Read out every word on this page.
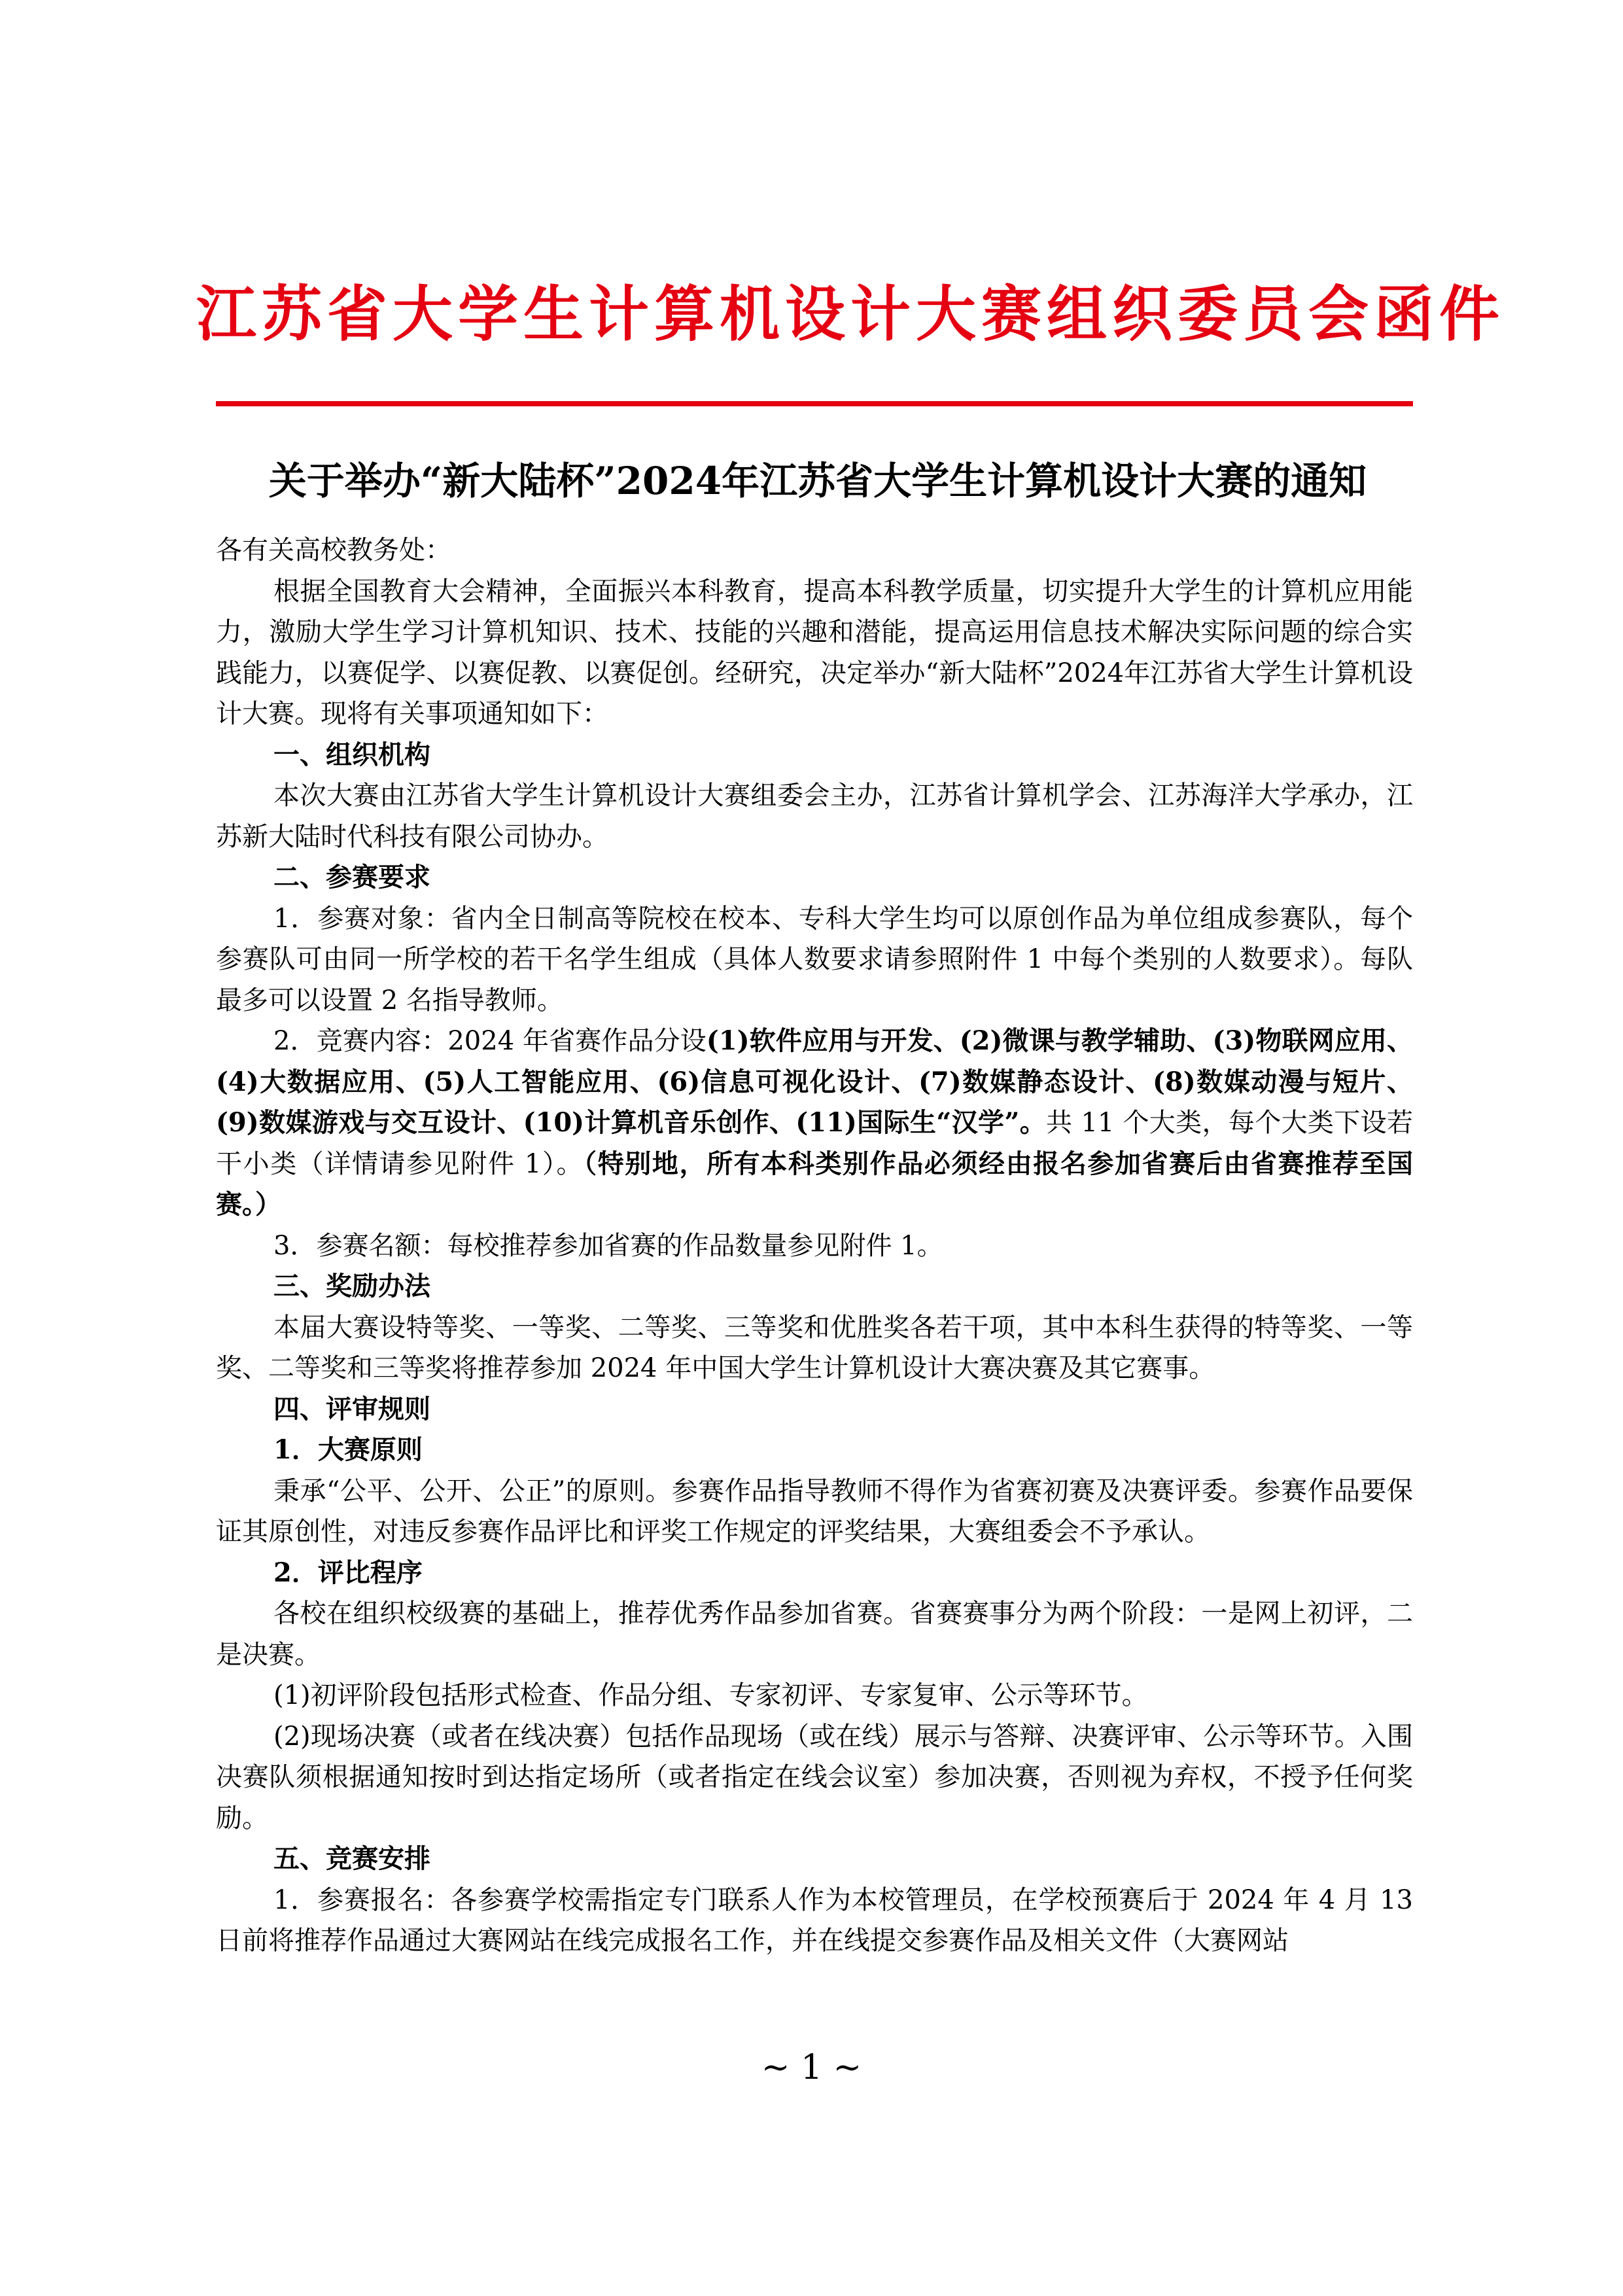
江苏省大学生计算机设计大赛组织委员会函件
关于举办“新大陆杯”2024年江苏省大学生计算机设计大赛的通知

各有关高校教务处：

根据全国教育大会精神，全面振兴本科教育，提高本科教学质量，切实提升大学生的计算机应用能力，激励大学生学习计算机知识、技术、技能的兴趣和潜能，提高运用信息技术解决实际问题的综合实践能力，以赛促学、以赛促教、以赛促创。经研究，决定举办“新大陆杯”2024年江苏省大学生计算机设计大赛。现将有关事项通知如下：

一、组织机构

本次大赛由江苏省大学生计算机设计大赛组委会主办，江苏省计算机学会、江苏海洋大学承办，江苏新大陆时代科技有限公司协办。

二、参赛要求

1．参赛对象：省内全日制高等院校在校本、专科大学生均可以原创作品为单位组成参赛队，每个参赛队可由同一所学校的若干名学生组成（具体人数要求请参照附件 1 中每个类别的人数要求）。每队最多可以设置 2 名指导教师。

2．竞赛内容：2024 年省赛作品分设(1)软件应用与开发、(2)微课与教学辅助、(3)物联网应用、(4)大数据应用、(5)人工智能应用、(6)信息可视化设计、(7)数媒静态设计、(8)数媒动漫与短片、(9)数媒游戏与交互设计、(10)计算机音乐创作、(11)国际生“汉学”。共 11 个大类，每个大类下设若干小类（详情请参见附件 1）。（特别地，所有本科类别作品必须经由报名参加省赛后由省赛推荐至国赛。）

3．参赛名额：每校推荐参加省赛的作品数量参见附件 1。

三、奖励办法

本届大赛设特等奖、一等奖、二等奖、三等奖和优胜奖各若干项，其中本科生获得的特等奖、一等奖、二等奖和三等奖将推荐参加 2024 年中国大学生计算机设计大赛决赛及其它赛事。

四、评审规则

1．大赛原则

秉承“公平、公开、公正”的原则。参赛作品指导教师不得作为省赛初赛及决赛评委。参赛作品要保证其原创性，对违反参赛作品评比和评奖工作规定的评奖结果，大赛组委会不予承认。

2．评比程序

各校在组织校级赛的基础上，推荐优秀作品参加省赛。省赛赛事分为两个阶段：一是网上初评，二是决赛。

(1)初评阶段包括形式检查、作品分组、专家初评、专家复审、公示等环节。

(2)现场决赛（或者在线决赛）包括作品现场（或在线）展示与答辩、决赛评审、公示等环节。入围决赛队须根据通知按时到达指定场所（或者指定在线会议室）参加决赛，否则视为弃权，不授予任何奖励。

五、竞赛安排

1．参赛报名：各参赛学校需指定专门联系人作为本校管理员，在学校预赛后于 2024 年 4 月 13 日前将推荐作品通过大赛网站在线完成报名工作，并在线提交参赛作品及相关文件（大赛网站

~ 1 ~
